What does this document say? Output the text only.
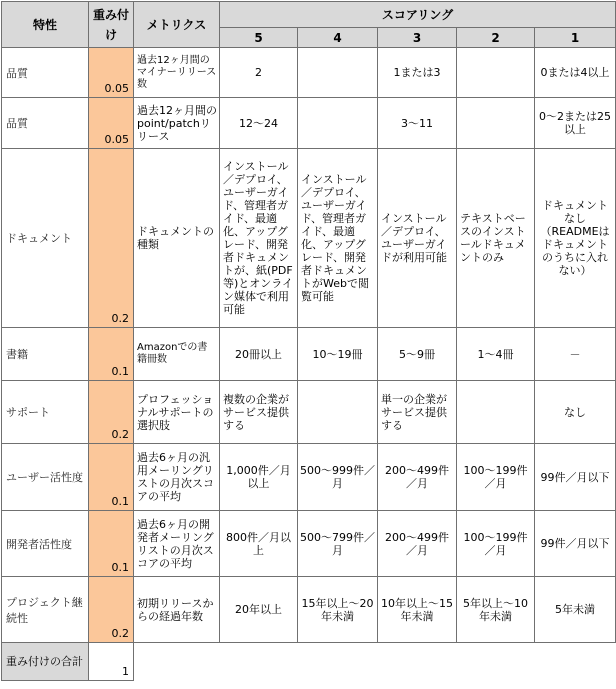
特性	重み付け	メトリクス	スコアリング				
			5	4	3	2	1
品質	0.05	過去12ヶ月間のマイナーリリース数	2		1または3		0または4以上
品質	0.05	過去12ヶ月間のpoint/patchリリース	12～24		3～11		0～2または25以上
ドキュメント	0.2	ドキュメントの種類	インストール／デプロイ、ユーザーガイド、管理者ガイド、最適化、アップグレード、開発者ドキュメントが、紙(PDF等)とオンライン媒体で利用可能	インストール／デプロイ、ユーザーガイド、管理者ガイド、最適化、アップグレード、開発者ドキュメントがWebで閲覧可能	インストール／デプロイ、ユーザーガイドが利用可能	テキストベースのインストールドキュメントのみ	ドキュメントなし（READMEはドキュメントのうちに入れない）
書籍	0.1	Amazonでの書籍冊数	20冊以上	10～19冊	5～9冊	1～4冊	－
サポート	0.2	プロフェッショナルサポートの選択肢	複数の企業がサービス提供する		単一の企業がサービス提供する		なし
ユーザー活性度	0.1	過去6ヶ月の汎用メーリングリストの月次スコアの平均	1,000件／月以上	500～999件／月	200～499件／月	100～199件／月	99件／月以下
開発者活性度	0.1	過去6ヶ月の開発者メーリングリストの月次スコアの平均	800件／月以上	500～799件／月	200～499件／月	100～199件／月	99件／月以下
プロジェクト継続性	0.2	初期リリースからの経過年数	20年以上	15年以上～20年未満	10年以上～15年未満	5年以上～10年未満	5年未満
重み付けの合計	1						
